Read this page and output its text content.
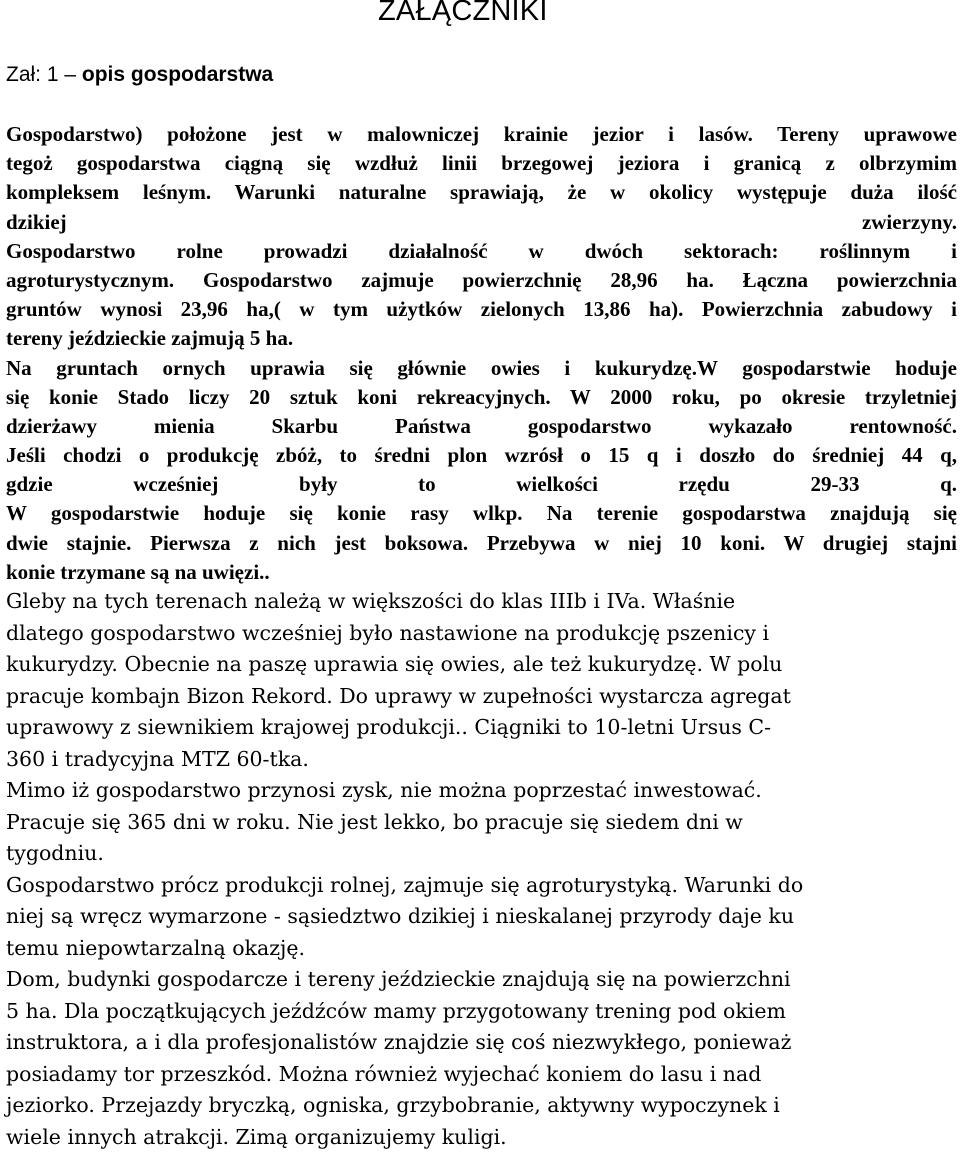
ZAŁĄCZNIKI
Zał: 1 – opis gospodarstwa
Gospodarstwo) położone jest w malowniczej krainie jezior i lasów. Tereny uprawowe
tegoż gospodarstwa ciągną się wzdłuż linii brzegowej jeziora i granicą z olbrzymim
kompleksem leśnym. Warunki naturalne sprawiają, że w okolicy występuje duża ilość
dzikiej zwierzyny.
Gospodarstwo rolne prowadzi działalność w dwóch sektorach: roślinnym i
agroturystycznym. Gospodarstwo zajmuje powierzchnię 28,96 ha. Łączna powierzchnia
gruntów wynosi 23,96 ha,( w tym użytków zielonych 13,86 ha). Powierzchnia zabudowy i
tereny jeździeckie zajmują 5 ha.
Na gruntach ornych uprawia się głównie owies i kukurydzę.W gospodarstwie hoduje
się konie Stado liczy 20 sztuk koni rekreacyjnych. W 2000 roku, po okresie trzyletniej
dzierżawy mienia Skarbu Państwa gospodarstwo wykazało rentowność.
Jeśli chodzi o produkcję zbóż, to średni plon wzrósł o 15 q i doszło do średniej 44 q,
gdzie wcześniej były to wielkości rzędu 29-33 q.
W gospodarstwie hoduje się konie rasy wlkp. Na terenie gospodarstwa znajdują się
dwie stajnie. Pierwsza z nich jest boksowa. Przebywa w niej 10 koni. W drugiej stajni
konie trzymane są na uwięzi..
Gleby na tych terenach należą w większości do klas IIIb i IVa. Właśnie
dlatego gospodarstwo wcześniej było nastawione na produkcję pszenicy i
kukurydzy. Obecnie na paszę uprawia się owies, ale też kukurydzę. W polu
pracuje kombajn Bizon Rekord. Do uprawy w zupełności wystarcza agregat
uprawowy z siewnikiem krajowej produkcji.. Ciągniki to 10-letni Ursus C-
360 i tradycyjna MTZ 60-tka.
Mimo iż gospodarstwo przynosi zysk, nie można poprzestać inwestować.
Pracuje się 365 dni w roku. Nie jest lekko, bo pracuje się siedem dni w
tygodniu.
Gospodarstwo prócz produkcji rolnej, zajmuje się agroturystyką. Warunki do
niej są wręcz wymarzone - sąsiedztwo dzikiej i nieskalanej przyrody daje ku
temu niepowtarzalną okazję.
Dom, budynki gospodarcze i tereny jeździeckie znajdują się na powierzchni
5 ha. Dla początkujących jeźdźców mamy przygotowany trening pod okiem
instruktora, a i dla profesjonalistów znajdzie się coś niezwykłego, ponieważ
posiadamy tor przeszkód. Można również wyjechać koniem do lasu i nad
jeziorko. Przejazdy bryczką, ogniska, grzybobranie, aktywny wypoczynek i
wiele innych atrakcji. Zimą organizujemy kuligi.
